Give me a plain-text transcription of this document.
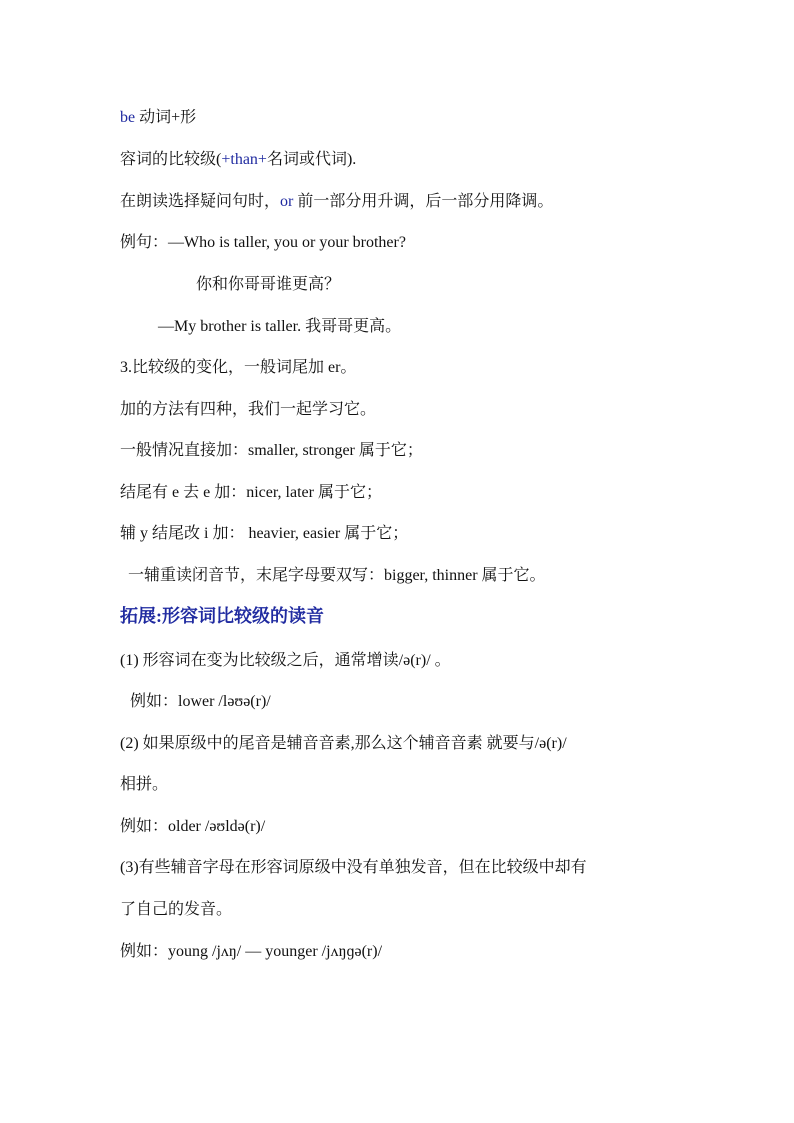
be 动词+形
容词的比较级(+than+名词或代词).
在朗读选择疑问句时，or 前一部分用升调，后一部分用降调。
例句：—Who is taller, you or your brother?
你和你哥哥谁更高？
—My brother is taller. 我哥哥更高。
3.比较级的变化，一般词尾加 er。
加的方法有四种，我们一起学习它。
一般情况直接加：smaller, stronger 属于它；
结尾有 e 去 e 加：nicer, later 属于它；
辅 y 结尾改 i 加： heavier, easier 属于它；
一辅重读闭音节，末尾字母要双写：bigger, thinner 属于它。
拓展:形容词比较级的读音
(1) 形容词在变为比较级之后，通常增读/ə(r)/ 。
例如：lower /ləʊə(r)/
(2) 如果原级中的尾音是辅音音素,那么这个辅音音素 就要与/ə(r)/
相拼。
例如：older /əʊldə(r)/
(3)有些辅音字母在形容词原级中没有单独发音，但在比较级中却有
了自己的发音。
例如：young /jʌŋ/ — younger /jʌŋɡə(r)/
